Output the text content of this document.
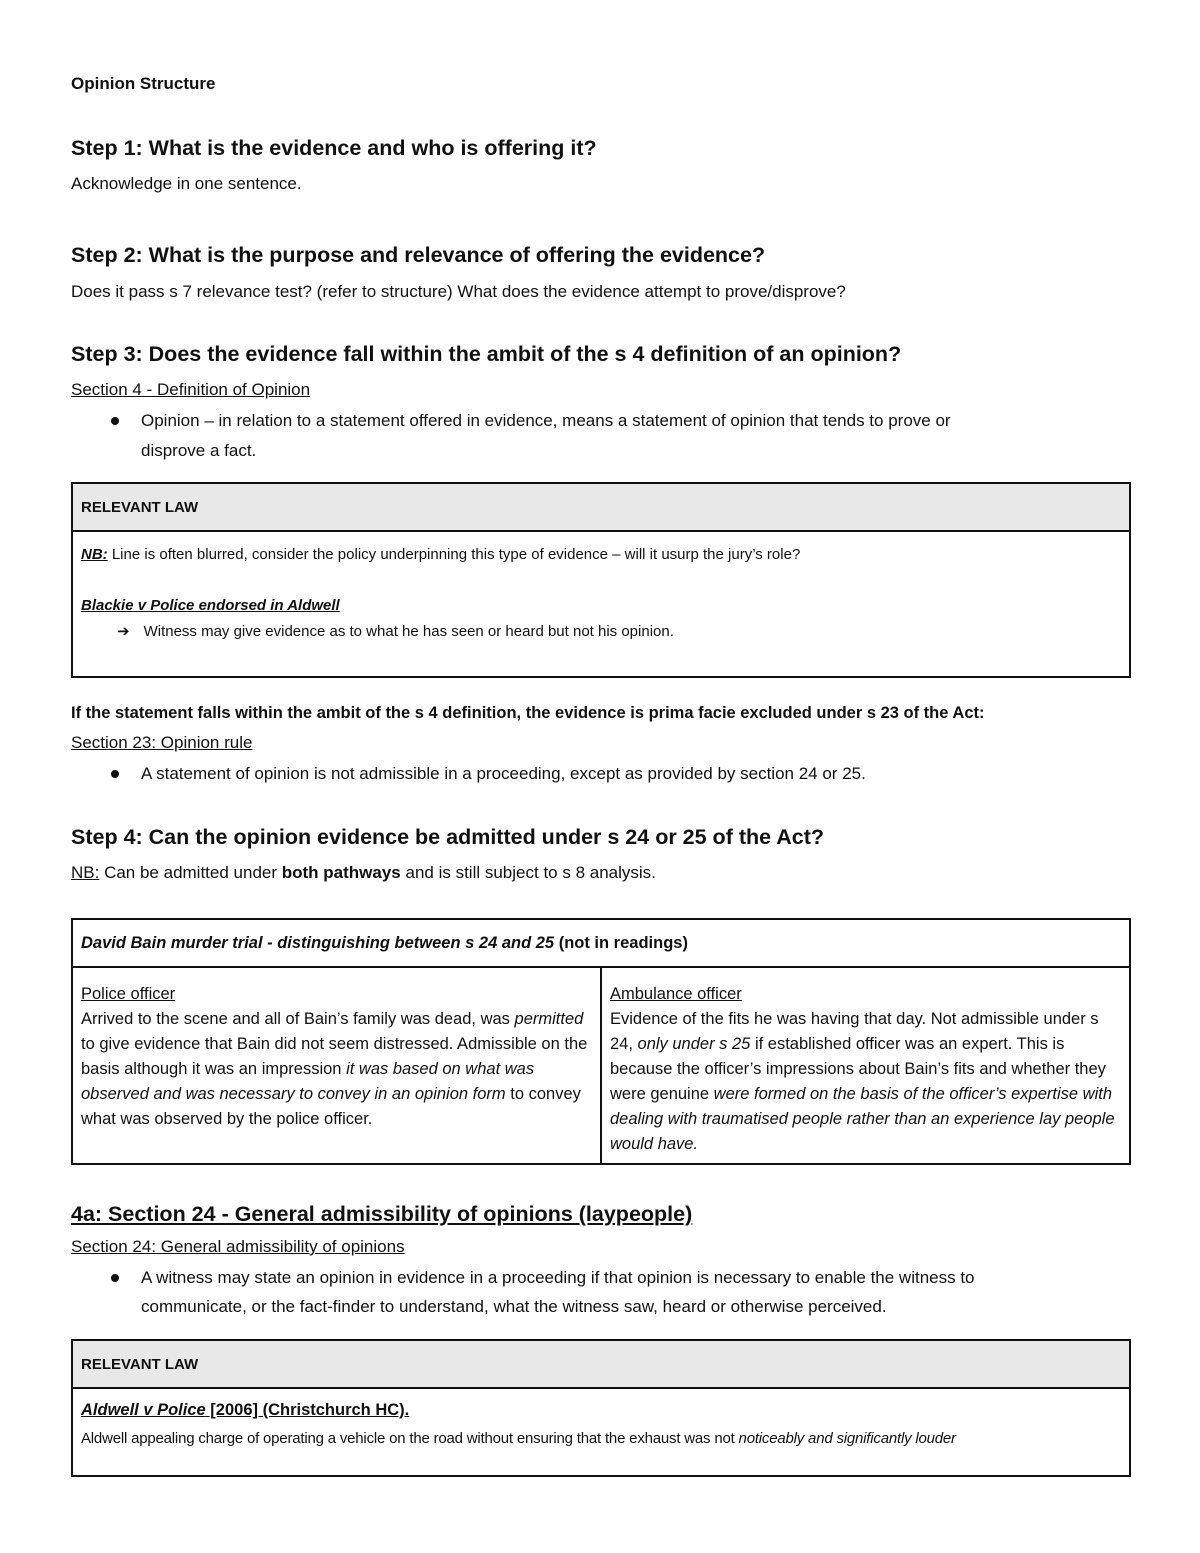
Opinion Structure
Step 1: What is the evidence and who is offering it?
Acknowledge in one sentence.
Step 2: What is the purpose and relevance of offering the evidence?
Does it pass s 7 relevance test? (refer to structure) What does the evidence attempt to prove/disprove?
Step 3: Does the evidence fall within the ambit of the s 4 definition of an opinion?
Section 4 - Definition of Opinion
Opinion – in relation to a statement offered in evidence, means a statement of opinion that tends to prove or
disprove a fact.
RELEVANT LAW

NB: Line is often blurred, consider the policy underpinning this type of evidence – will it usurp the jury’s role?
Blackie v Police endorsed in Aldwell
➔ Witness may give evidence as to what he has seen or heard but not his opinion.
If the statement falls within the ambit of the s 4 definition, the evidence is prima facie excluded under s 23 of the Act:
Section 23: Opinion rule
A statement of opinion is not admissible in a proceeding, except as provided by section 24 or 25.
Step 4: Can the opinion evidence be admitted under s 24 or 25 of the Act?
NB: Can be admitted under both pathways and is still subject to s 8 analysis.
David Bain murder trial - distinguishing between s 24 and 25 (not in readings)

Police officer
Arrived to the scene and all of Bain’s family was dead, was permitted to give evidence that Bain did not seem distressed. Admissible on the basis although it was an impression it was based on what was observed and was necessary to convey in an opinion form to convey what was observed by the police officer.

Ambulance officer
Evidence of the fits he was having that day. Not admissible under s 24, only under s 25 if established officer was an expert. This is because the officer’s impressions about Bain’s fits and whether they were genuine were formed on the basis of the officer’s expertise with dealing with traumatised people rather than an experience lay people would have.
4a: Section 24 - General admissibility of opinions (laypeople)
Section 24: General admissibility of opinions
A witness may state an opinion in evidence in a proceeding if that opinion is necessary to enable the witness to
communicate, or the fact-finder to understand, what the witness saw, heard or otherwise perceived.
RELEVANT LAW

Aldwell v Police [2006] (Christchurch HC).
Aldwell appealing charge of operating a vehicle on the road without ensuring that the exhaust was not noticeably and significantly louder
